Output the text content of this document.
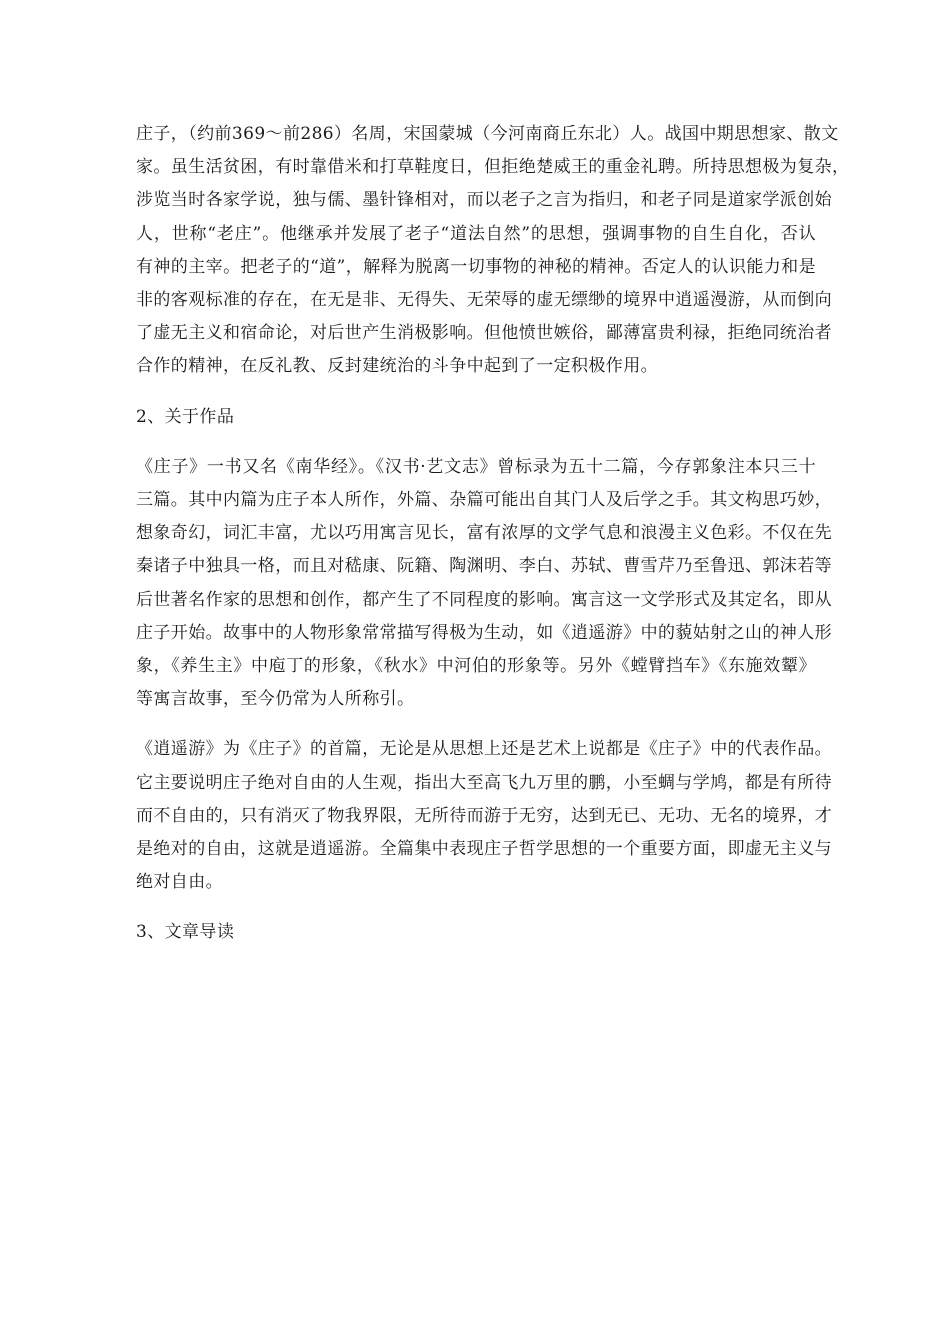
庄子，（约前369～前286）名周，宋国蒙城（今河南商丘东北）人。战国中期思想家、散文
家。虽生活贫困，有时靠借米和打草鞋度日，但拒绝楚威王的重金礼聘。所持思想极为复杂，
涉览当时各家学说，独与儒、墨针锋相对，而以老子之言为指归，和老子同是道家学派创始
人，世称“老庄”。他继承并发展了老子“道法自然”的思想，强调事物的自生自化，否认
有神的主宰。把老子的“道”，解释为脱离一切事物的神秘的精神。否定人的认识能力和是
非的客观标准的存在，在无是非、无得失、无荣辱的虚无缥缈的境界中逍遥漫游，从而倒向
了虚无主义和宿命论，对后世产生消极影响。但他愤世嫉俗，鄙薄富贵利禄，拒绝同统治者
合作的精神，在反礼教、反封建统治的斗争中起到了一定积极作用。

2、关于作品

《庄子》一书又名《南华经》。《汉书·艺文志》曾标录为五十二篇，今存郭象注本只三十
三篇。其中内篇为庄子本人所作，外篇、杂篇可能出自其门人及后学之手。其文构思巧妙，
想象奇幻，词汇丰富，尤以巧用寓言见长，富有浓厚的文学气息和浪漫主义色彩。不仅在先
秦诸子中独具一格，而且对嵇康、阮籍、陶渊明、李白、苏轼、曹雪芹乃至鲁迅、郭沫若等
后世著名作家的思想和创作，都产生了不同程度的影响。寓言这一文学形式及其定名，即从
庄子开始。故事中的人物形象常常描写得极为生动，如《逍遥游》中的藐姑射之山的神人形
象，《养生主》中庖丁的形象，《秋水》中河伯的形象等。另外《螳臂挡车》《东施效颦》
等寓言故事，至今仍常为人所称引。
《逍遥游》为《庄子》的首篇，无论是从思想上还是艺术上说都是《庄子》中的代表作品。
它主要说明庄子绝对自由的人生观，指出大至高飞九万里的鹏，小至蜩与学鸠，都是有所待
而不自由的，只有消灭了物我界限，无所待而游于无穷，达到无已、无功、无名的境界，才
是绝对的自由，这就是逍遥游。全篇集中表现庄子哲学思想的一个重要方面，即虚无主义与
绝对自由。

3、文章导读
